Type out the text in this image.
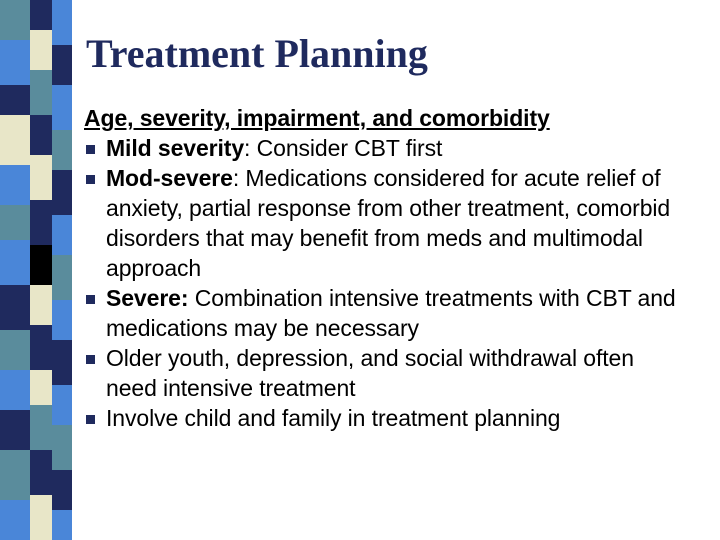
Treatment Planning
Age, severity, impairment, and comorbidity
Mild severity: Consider CBT first
Mod-severe: Medications considered for acute relief of anxiety, partial response from other treatment, comorbid disorders that may benefit from meds and multimodal approach
Severe: Combination intensive treatments with CBT and medications may be necessary
Older youth, depression, and social withdrawal often need intensive treatment
Involve child and family in treatment planning
